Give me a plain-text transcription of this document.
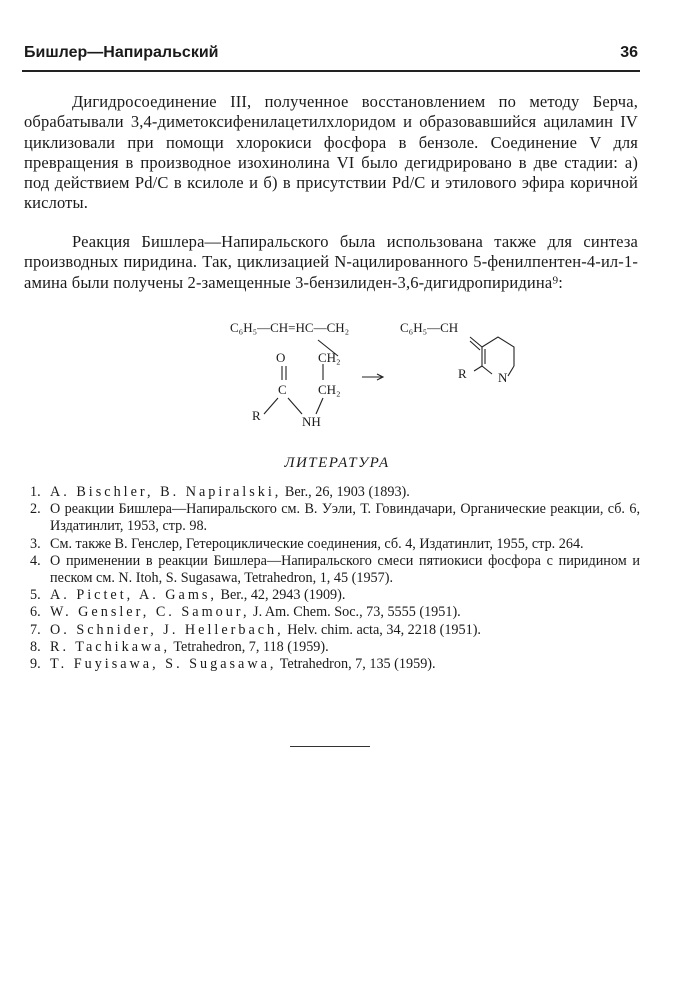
Бишлер—Напиральский	36

Дигидросоединение III, полученное восстановлением по методу Берча, обрабатывали 3,4-диметоксифенилацетилхлоридом и образовавшийся ациламин IV циклизовали при помощи хлорокиси фосфора в бензоле. Соединение V для превращения в производное изохинолина VI было дегидрировано в две стадии: а) под действием Pd/C в ксилоле и б) в присутствии Pd/C и этилового эфира коричной кислоты.

Реакция Бишлера—Напиральского была использована также для синтеза производных пиридина. Так, циклизацией N-ацилированного 5-фенилпентен-4-ил-1-амина были получены 2-замещенные 3-бензилиден-3,6-дигидропиридина⁹:

C₆H₅—CH=HC—CH₂
O	CH₂
C CH₂
R	NH
C₆H₅—CH
R N
ЛИТЕРАТУРА
1. A. Bischler, B. Napiralski, Ber., 26, 1903 (1893).
2. О реакции Бишлера—Напиральского см. В. Уэли, Т. Говиндачари, Органические реакции, сб. 6, Издатинлит, 1953, стр. 98.
3. См. также В. Генслер, Гетероциклические соединения, сб. 4, Издатинлит, 1955, стр. 264.
4. О применении в реакции Бишлера—Напиральского смеси пятиокиси фосфора с пиридином и песком см. N. Itoh, S. Sugasawa, Tetrahedron, 1, 45 (1957).
5. A. Pictet, A. Gams, Ber., 42, 2943 (1909).
6. W. Gensler, C. Samour, J. Am. Chem. Soc., 73, 5555 (1951).
7. O. Schnider, J. Hellerbach, Helv. chim. acta, 34, 2218 (1951).
8. R. Tachikawa, Tetrahedron, 7, 118 (1959).
9. T. Fuyisawa, S. Sugasawa, Tetrahedron, 7, 135 (1959).
